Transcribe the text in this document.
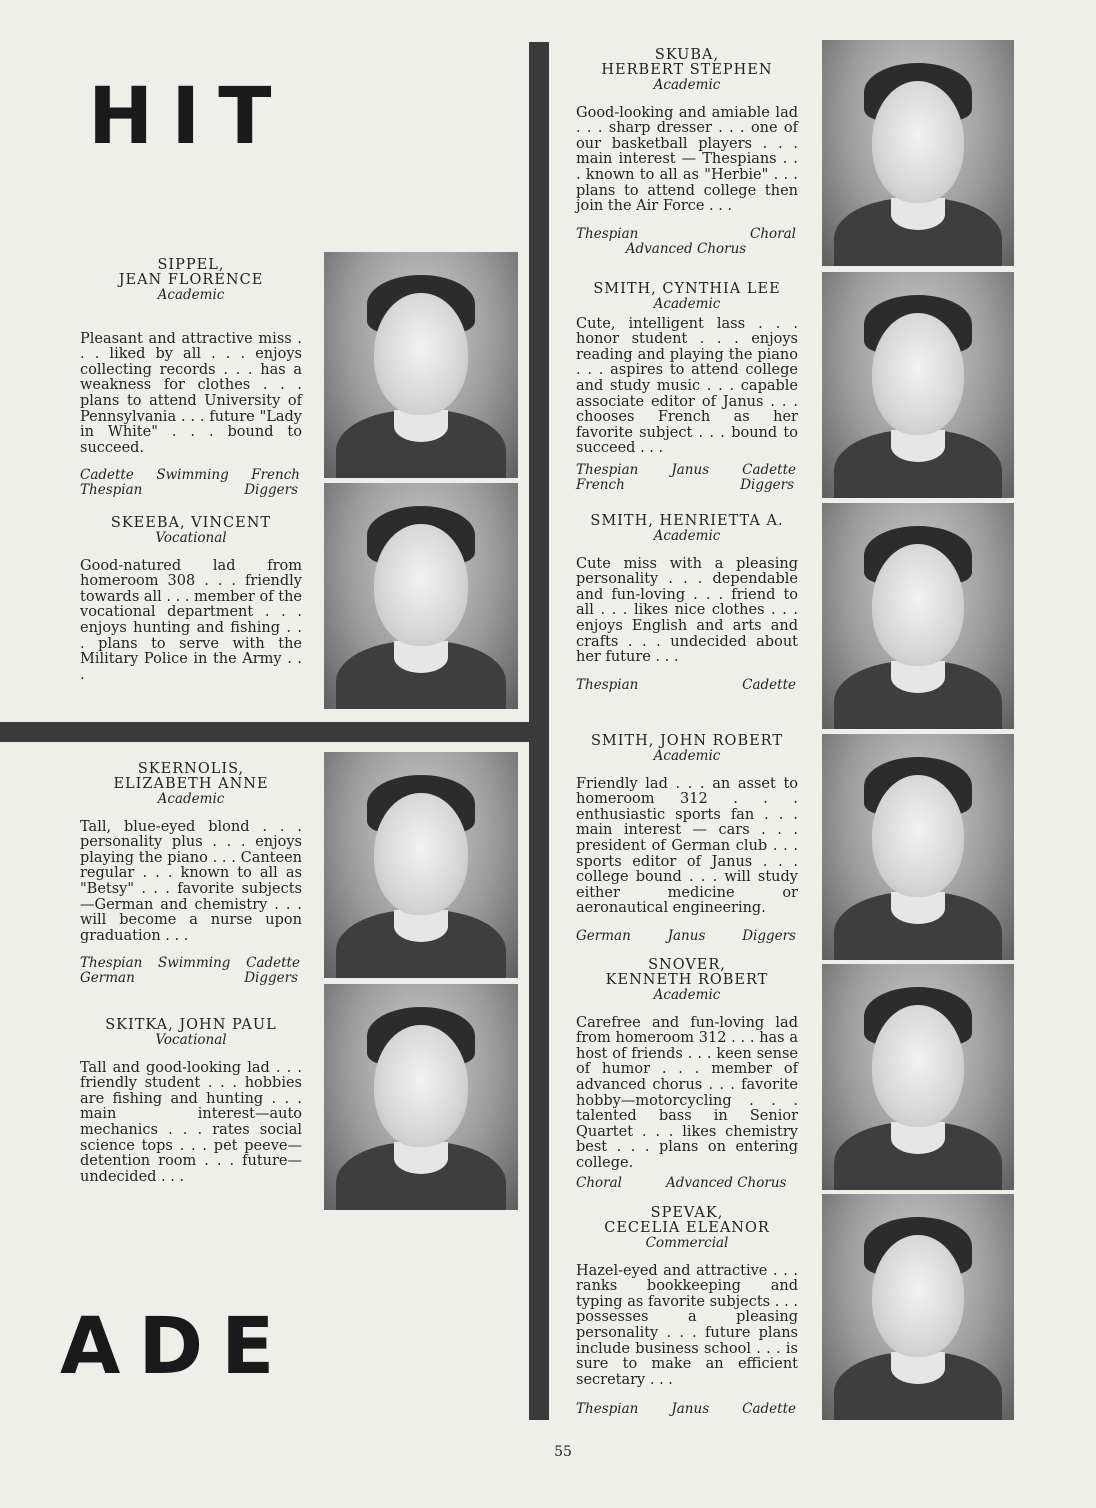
HIT
ADE
SIPPEL,
JEAN FLORENCE
Academic

Pleasant and attractive miss . . . liked by all . . . enjoys collecting records . . . has a weakness for clothes . . . plans to attend University of Pennsylvania . . . future "Lady in White" . . . bound to succeed.

Cadette Swimming French
Thespian	Diggers
SKEEBA, VINCENT
Vocational

Good-natured lad from homeroom 308 . . . friendly towards all . . . member of the vocational department . . . enjoys hunting and fishing . . . plans to serve with the Military Police in the Army . . .

SKERNOLIS,
ELIZABETH ANNE
Academic

Tall, blue-eyed blond . . . personality plus . . . enjoys playing the piano . . . Canteen regular . . . known to all as "Betsy" . . . favorite subjects—German and chemistry . . . will become a nurse upon graduation . . .

Thespian Swimming Cadette
German	Diggers
SKITKA, JOHN PAUL
Vocational

Tall and good-looking lad . . . friendly student . . . hobbies are fishing and hunting . . . main interest—auto mechanics . . . rates social science tops . . . pet peeve—detention room . . . future—undecided . . .

SKUBA,
HERBERT STEPHEN
Academic

Good-looking and amiable lad . . . sharp dresser . . . one of our basketball players . . . main interest — Thespians . . . known to all as "Herbie" . . . plans to attend college then join the Air Force . . .

Thespian	Choral
Advanced Chorus
SMITH, CYNTHIA LEE
Academic

Cute, intelligent lass . . . honor student . . . enjoys reading and playing the piano . . . aspires to attend college and study music . . . capable associate editor of Janus . . . chooses French as her favorite subject . . . bound to succeed . . .

Thespian Janus Cadette
French	Diggers
SMITH, HENRIETTA A.
Academic

Cute miss with a pleasing personality . . . dependable and fun-loving . . . friend to all . . . likes nice clothes . . . enjoys English and arts and crafts . . . undecided about her future . . .

Thespian	Cadette
SMITH, JOHN ROBERT
Academic

Friendly lad . . . an asset to homeroom 312 . . . enthusiastic sports fan . . . main interest — cars . . . president of German club . . . sports editor of Janus . . . college bound . . . will study either medicine or aeronautical engineering.

German	Janus	Diggers
SNOVER,
KENNETH ROBERT
Academic

Carefree and fun-loving lad from homeroom 312 . . . has a host of friends . . . keen sense of humor . . . member of advanced chorus . . . favorite hobby—motorcycling . . . talented bass in Senior Quartet . . . likes chemistry best . . . plans on entering college.

Choral	Advanced Chorus
SPEVAK,
CECELIA ELEANOR
Commercial

Hazel-eyed and attractive . . . ranks bookkeeping and typing as favorite subjects . . . possesses a pleasing personality . . . future plans include business school . . . is sure to make an efficient secretary . . .

Thespian Janus Cadette
55
